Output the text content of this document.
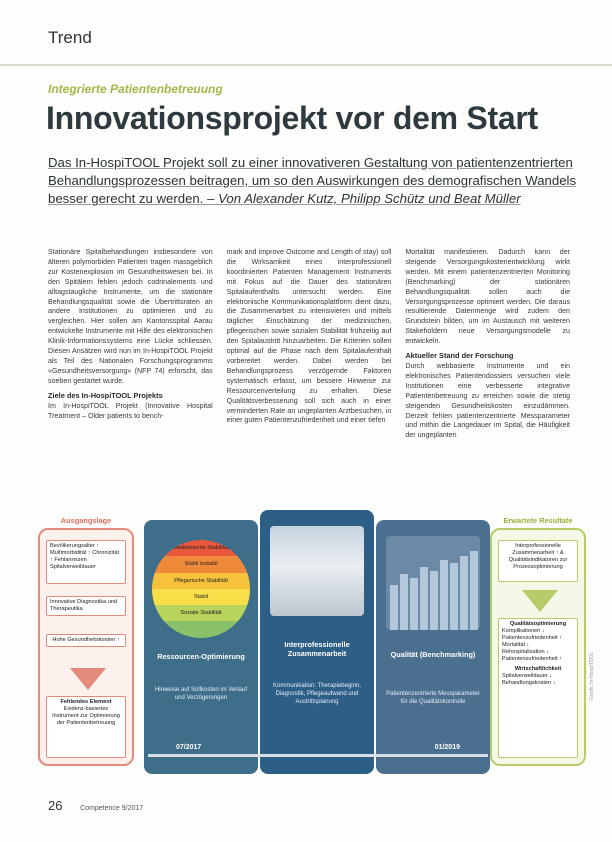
Trend
Integrierte Patientenbetreuung
Innovationsprojekt vor dem Start
Das In-HospiTOOL Projekt soll zu einer innovativeren Gestaltung von patientenzentrierten Behandlungsprozessen beitragen, um so den Auswirkungen des demografischen Wandels besser gerecht zu werden. – Von Alexander Kutz, Philipp Schütz und Beat Müller

Stationäre Spitalbehandlungen insbesondere von älteren polymorbiden Patienten tragen massgeblich zur Kostenexplosion im Gesundheitswesen bei. In den Spitälern fehlen jedoch codrinalements und alltagstaugliche Instrumente, um die stationäre Behandlungsqualität sowie die Übertrittsraten an andere Institutionen zu optimieren und zu vergleichen. Hier sollen am Kantonsspital Aarau entwickelte Instrumente mit Hilfe des elektronischen Klinik-Informationssystems eine Lücke schliessen. Diesen Ansätzen wird nun im In-HospiTOOL Projekt als Teil des Nationalen Forschungsprogramms «Gesundheitsversorgung» (NFP 74) erforscht, das soeben gestartet wurde.

Ziele des In-HospiTOOL Projekts

Im In-HospiTOOL Projekt (Innovative Hospital Treatment – Older patients to bench-

mark and improve Outcome and Length of stay) soll die Wirksamkeit eines interprofessionell koordinierten Patienten Management Instruments mit Fokus auf die Dauer des stationären Spitalaufenthalts untersucht werden. Eine elektronische Kommunikationsplattform dient dazu, die Zusammenarbeit zu intensivieren und mittels täglicher Einschätzung der medizinischen, pflegerischen sowie sozialen Stabilität frühzeitig auf den Spitalaustritt hinzuarbeiten. Die Kriterien sollen optimal auf die Phase nach dem Spitalaufenthalt vorbereitet werden. Dabei werden bei Behandlungsprozess verzögernde Faktoren systematisch erfasst, um bessere Hinweise zur Ressourcenverteilung zu erhalten. Diese Qualitätsverbesserung soll sich auch in einer verminderten Rate an ungeplanten Arztbesuchen, in einer guten Patientenzufriedenheit und einer tiefen

Mortalität manifestieren. Dadurch kann der steigende Versorgungskostenentwicklung wirkt werden. Mit einem patientenzentrierten Monitoring (Benchmarking) der stationären Behandlungsqualität sollen auch die Versorgungsprozesse optimiert werden. Die daraus resultierende Datenmenge wird zudem den Grundstein bilden, um im Austausch mit weiteren Stakeholdern neue Versorgungsmodelle zu entwickeln.

Aktueller Stand der Forschung

Durch webbasierte Instrumente und ein elektronisches Patientendossiers versuchen viele Institutionen eine verbesserte integrative Patientenbetreuung zu erreichen sowie die stetig steigenden Gesundheitskosten einzudämmen. Derzeit fehlen patientenzentrierte Messparameter und mithin die Langedauer im Spital, die Häufigkeit der ungeplanten

Ausgangslage
Bevölkerungsalter ↑ Multimorbidität ↑ Chronizität ↑ Fehlanreizen Spitalverweildauer
Innovative Diagnostika und Therapeutika
Hohe Gesundheitskosten ↑
Fehlendes Element
Evidenz-basiertes Instrument zur Optimierung der Patientenbetreuung
Medizinische Stabilität
Stabil instabil
Pflegerische Stabilität
Stabil
Soziale Stabilität
Ressourcen-Optimierung
Hinweise auf Sollkosten im Verlauf und Verzögerungen
Interprofessionelle Zusammenarbeit
Kommunikation: Therapiebeginn, Diagnostik, Pflegeaufwand und Austrittsplanung
Qualität (Benchmarking)
Patientenzentrierte Messparameter für die Qualitätskontrolle
07/2017	01/2019
Erwartete Resultate
Interprofessionelle Zusammenarbeit ↑ & Qualitätsindikatoren zur Prozessoptimierung
Qualitätsoptimierung
Komplikationen ↓
Patientenzufriedenheit ↑
Mortalität ↓
Rehospitalisation ↓
Patientenzufriedenheit ↑
Wirtschaftlichkeit
Spitalverweildauer ↓
Behandlungskosten ↓	Grafik: In-HospiTOOL
26	Competence 9/2017
